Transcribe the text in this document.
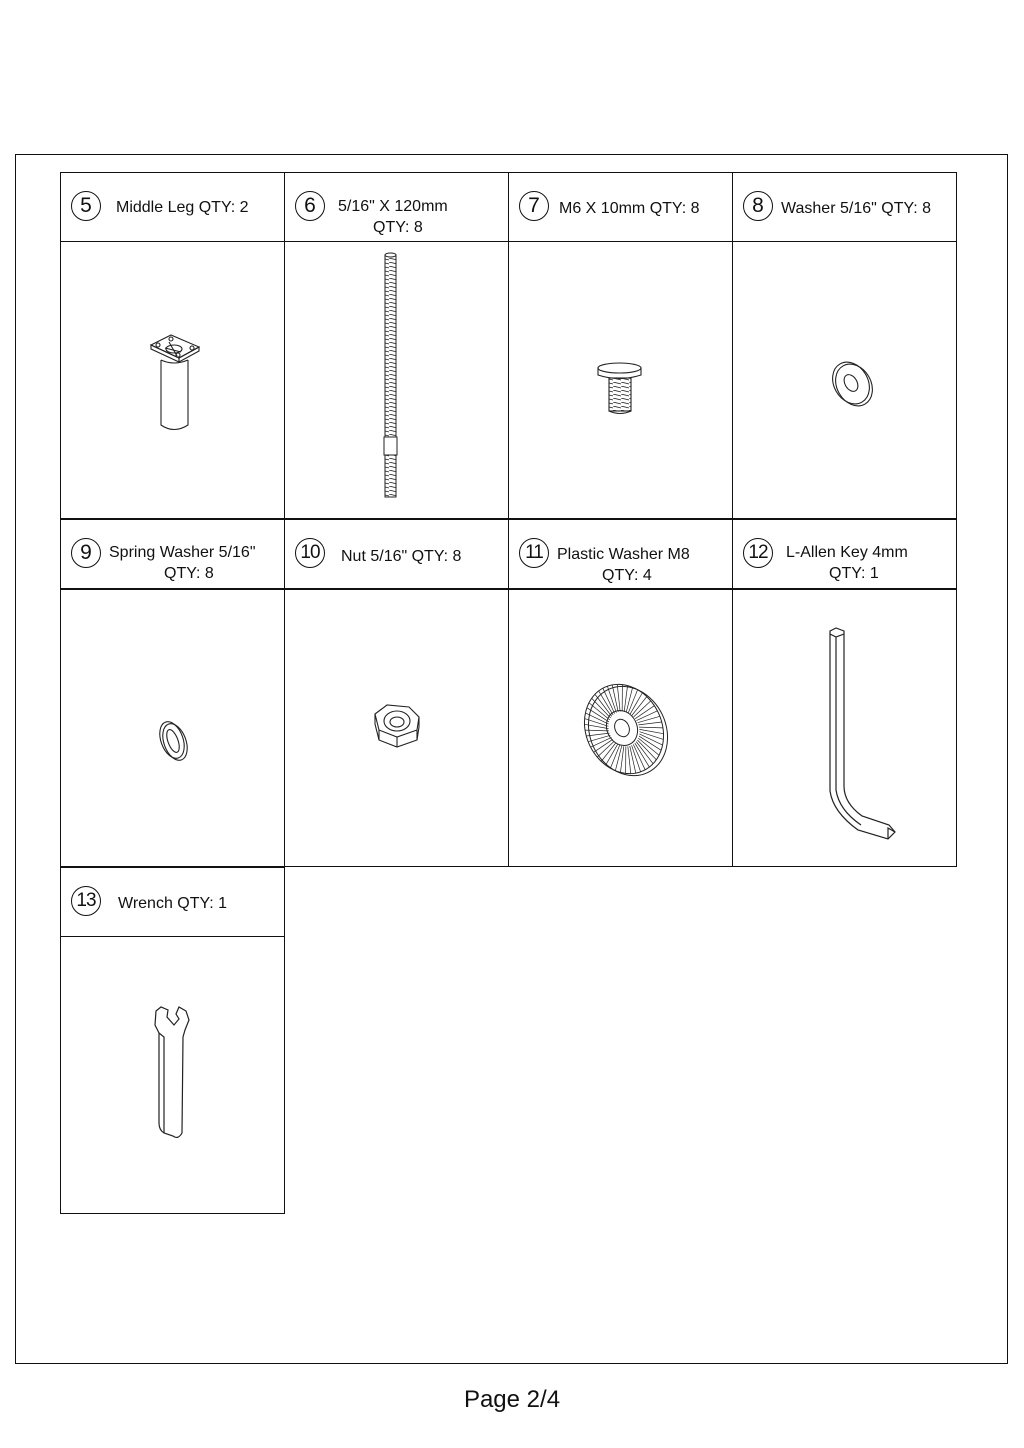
5	Middle Leg QTY: 2	6	5/16" X 120mm
QTY: 8
7	M6 X 10mm QTY: 8	8	Washer 5/16" QTY: 8
9	Spring Washer 5/16"
QTY: 8
10	Nut 5/16" QTY: 8	11 Plastic Washer M8
QTY: 4
12	L-Allen Key 4mm
QTY: 1
13	Wrench QTY: 1
Page 2/4
